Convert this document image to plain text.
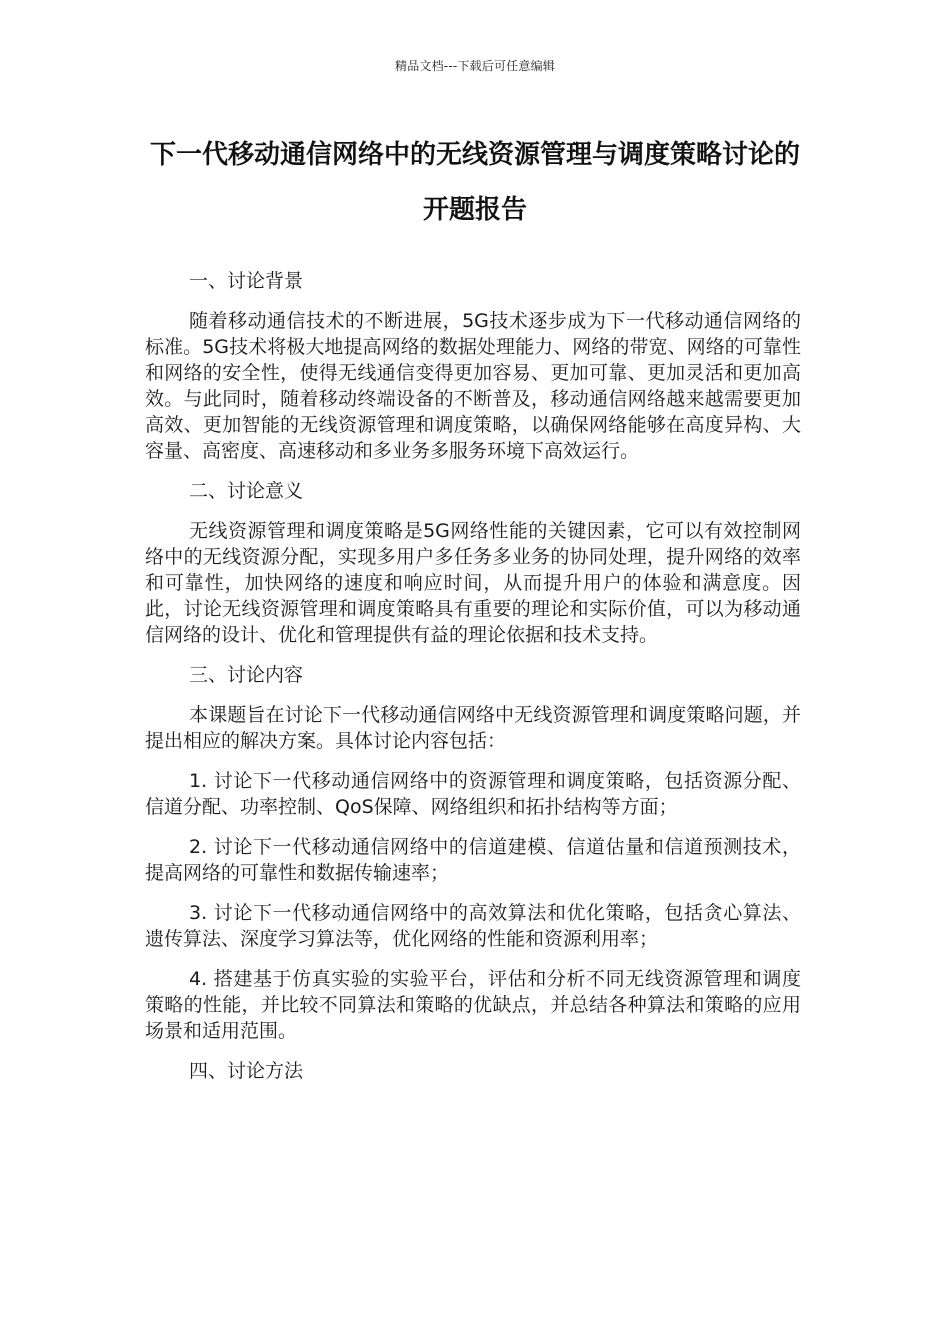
精品文档---下载后可任意编辑
下一代移动通信网络中的无线资源管理与调度策略讨论的开题报告

一、讨论背景

随着移动通信技术的不断进展，5G技术逐步成为下一代移动通信网络的标准。5G技术将极大地提高网络的数据处理能力、网络的带宽、网络的可靠性和网络的安全性，使得无线通信变得更加容易、更加可靠、更加灵活和更加高效。与此同时，随着移动终端设备的不断普及，移动通信网络越来越需要更加高效、更加智能的无线资源管理和调度策略，以确保网络能够在高度异构、大容量、高密度、高速移动和多业务多服务环境下高效运行。

二、讨论意义

无线资源管理和调度策略是5G网络性能的关键因素，它可以有效控制网络中的无线资源分配，实现多用户多任务多业务的协同处理，提升网络的效率和可靠性，加快网络的速度和响应时间，从而提升用户的体验和满意度。因此，讨论无线资源管理和调度策略具有重要的理论和实际价值，可以为移动通信网络的设计、优化和管理提供有益的理论依据和技术支持。

三、讨论内容

本课题旨在讨论下一代移动通信网络中无线资源管理和调度策略问题，并提出相应的解决方案。具体讨论内容包括：

1. 讨论下一代移动通信网络中的资源管理和调度策略，包括资源分配、信道分配、功率控制、QoS保障、网络组织和拓扑结构等方面；

2. 讨论下一代移动通信网络中的信道建模、信道估量和信道预测技术，提高网络的可靠性和数据传输速率；

3. 讨论下一代移动通信网络中的高效算法和优化策略，包括贪心算法、遗传算法、深度学习算法等，优化网络的性能和资源利用率；

4. 搭建基于仿真实验的实验平台，评估和分析不同无线资源管理和调度策略的性能，并比较不同算法和策略的优缺点，并总结各种算法和策略的应用场景和适用范围。

四、讨论方法
